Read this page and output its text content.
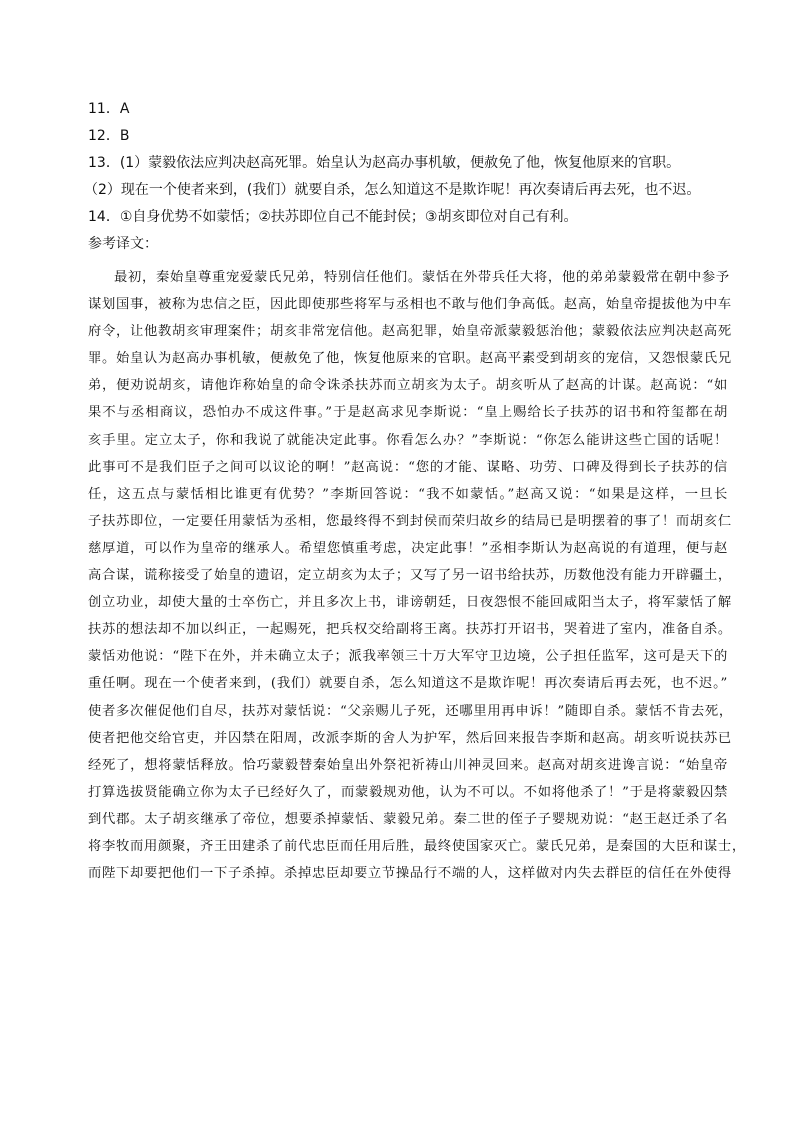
11．A

12．B

13．(1）蒙毅依法应判决赵高死罪。始皇认为赵高办事机敏，便赦免了他，恢复他原来的官职。

（2）现在一个使者来到，(我们）就要自杀，怎么知道这不是欺诈呢！再次奏请后再去死，也不迟。

14．①自身优势不如蒙恬；②扶苏即位自己不能封侯；③胡亥即位对自己有利。

参考译文：

最初，秦始皇尊重宠爱蒙氏兄弟，特别信任他们。蒙恬在外带兵任大将，他的弟弟蒙毅常在朝中参予
谋划国事，被称为忠信之臣，因此即使那些将军与丞相也不敢与他们争高低。赵高，始皇帝提拔他为中车
府令，让他教胡亥审理案件；胡亥非常宠信他。赵高犯罪，始皇帝派蒙毅惩治他；蒙毅依法应判决赵高死
罪。始皇认为赵高办事机敏，便赦免了他，恢复他原来的官职。赵高平素受到胡亥的宠信，又怨恨蒙氏兄
弟，便劝说胡亥，请他诈称始皇的命令诛杀扶苏而立胡亥为太子。胡亥听从了赵高的计谋。赵高说：“如
果不与丞相商议，恐怕办不成这件事。”于是赵高求见李斯说：“皇上赐给长子扶苏的诏书和符玺都在胡
亥手里。定立太子，你和我说了就能决定此事。你看怎么办？”李斯说：“你怎么能讲这些亡国的话呢！
此事可不是我们臣子之间可以议论的啊！”赵高说：“您的才能、谋略、功劳、口碑及得到长子扶苏的信
任，这五点与蒙恬相比谁更有优势？”李斯回答说：“我不如蒙恬。”赵高又说：“如果是这样，一旦长
子扶苏即位，一定要任用蒙恬为丞相，您最终得不到封侯而荣归故乡的结局已是明摆着的事了！而胡亥仁
慈厚道，可以作为皇帝的继承人。希望您慎重考虑，决定此事！”丞相李斯认为赵高说的有道理，便与赵
高合谋，谎称接受了始皇的遗诏，定立胡亥为太子；又写了另一诏书给扶苏，历数他没有能力开辟疆土，
创立功业，却使大量的士卒伤亡，并且多次上书，诽谤朝廷，日夜怨恨不能回咸阳当太子，将军蒙恬了解
扶苏的想法却不加以纠正，一起赐死，把兵权交给副将王离。扶苏打开诏书，哭着进了室内，准备自杀。
蒙恬劝他说：“陛下在外，并未确立太子；派我率领三十万大军守卫边境，公子担任监军，这可是天下的
重任啊。现在一个使者来到，(我们）就要自杀，怎么知道这不是欺诈呢！再次奏请后再去死，也不迟。”
使者多次催促他们自尽，扶苏对蒙恬说：“父亲赐儿子死，还哪里用再申诉！”随即自杀。蒙恬不肯去死，
使者把他交给官吏，并囚禁在阳周，改派李斯的舍人为护军，然后回来报告李斯和赵高。胡亥听说扶苏已
经死了，想将蒙恬释放。恰巧蒙毅替秦始皇出外祭祀祈祷山川神灵回来。赵高对胡亥进谗言说：“始皇帝
打算选拔贤能确立你为太子已经好久了，而蒙毅规劝他，认为不可以。不如将他杀了！”于是将蒙毅囚禁
到代郡。太子胡亥继承了帝位，想要杀掉蒙恬、蒙毅兄弟。秦二世的侄子子婴规劝说：“赵王赵迁杀了名
将李牧而用颜聚，齐王田建杀了前代忠臣而任用后胜，最终使国家灭亡。蒙氏兄弟，是秦国的大臣和谋士，
而陛下却要把他们一下子杀掉。杀掉忠臣却要立节操品行不端的人，这样做对内失去群臣的信任在外使得
